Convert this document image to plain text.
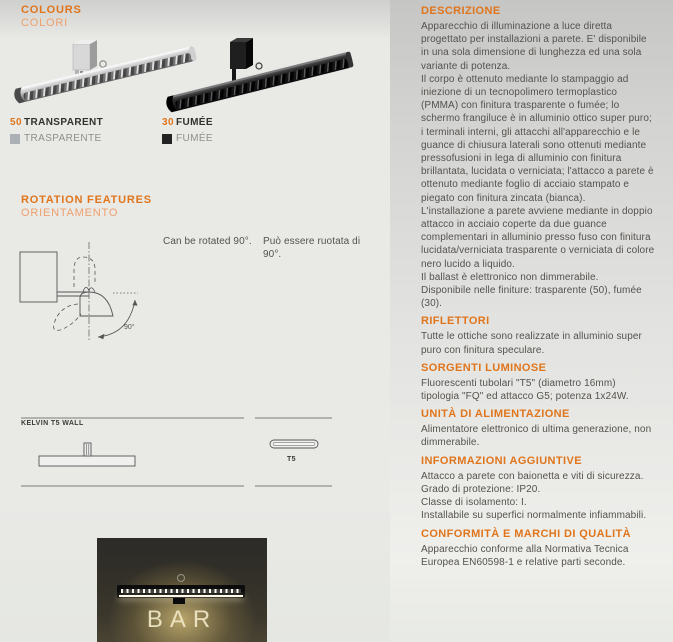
COLOURS
COLORI
50 TRANSPARENT
TRASPARENTE
30 FUMÉE
FUMÉE
ROTATION FEATURES
ORIENTAMENTO
Can be rotated 90°. Può essere ruotata di 90°.
90°
KELVIN T5 WALL
T5
BAR
DESCRIZIONE

Apparecchio di illuminazione a luce diretta progettato per installazioni a parete. E' disponibile in una sola dimensione di lunghezza ed una sola variante di potenza.

Il corpo è ottenuto mediante lo stampaggio ad iniezione di un tecnopolimero termoplastico (PMMA) con finitura trasparente o fumée; lo schermo frangiluce è in alluminio ottico super puro; i terminali interni, gli attacchi all'apparecchio e le guance di chiusura laterali sono ottenuti mediante pressofusioni in lega di alluminio con finitura brillantata, lucidata o verniciata; l'attacco a parete è ottenuto mediante foglio di acciaio stampato e piegato con finitura zincata (bianca).

L'installazione a parete avviene mediante in doppio attacco in acciaio coperte da due guance complementari in alluminio presso fuso con finitura lucidata/verniciata trasparente o verniciata di colore nero lucido a liquido.

Il ballast è elettronico non dimmerabile.

Disponibile nelle finiture: trasparente (50), fumée (30).

RIFLETTORI

Tutte le ottiche sono realizzate in alluminio super puro con finitura speculare.

SORGENTI LUMINOSE

Fluorescenti tubolari "T5" (diametro 16mm) tipologia "FQ" ed attacco G5; potenza 1x24W.

UNITÀ DI ALIMENTAZIONE

Alimentatore elettronico di ultima generazione, non dimmerabile.

INFORMAZIONI AGGIUNTIVE

Attacco a parete con baionetta e viti di sicurezza.

Grado di protezione: IP20.

Classe di isolamento: I.

Installabile su superfici normalmente infiammabili.

CONFORMITÀ E MARCHI DI QUALITÀ

Apparecchio conforme alla Normativa Tecnica Europea EN60598-1 e relative parti seconde.
